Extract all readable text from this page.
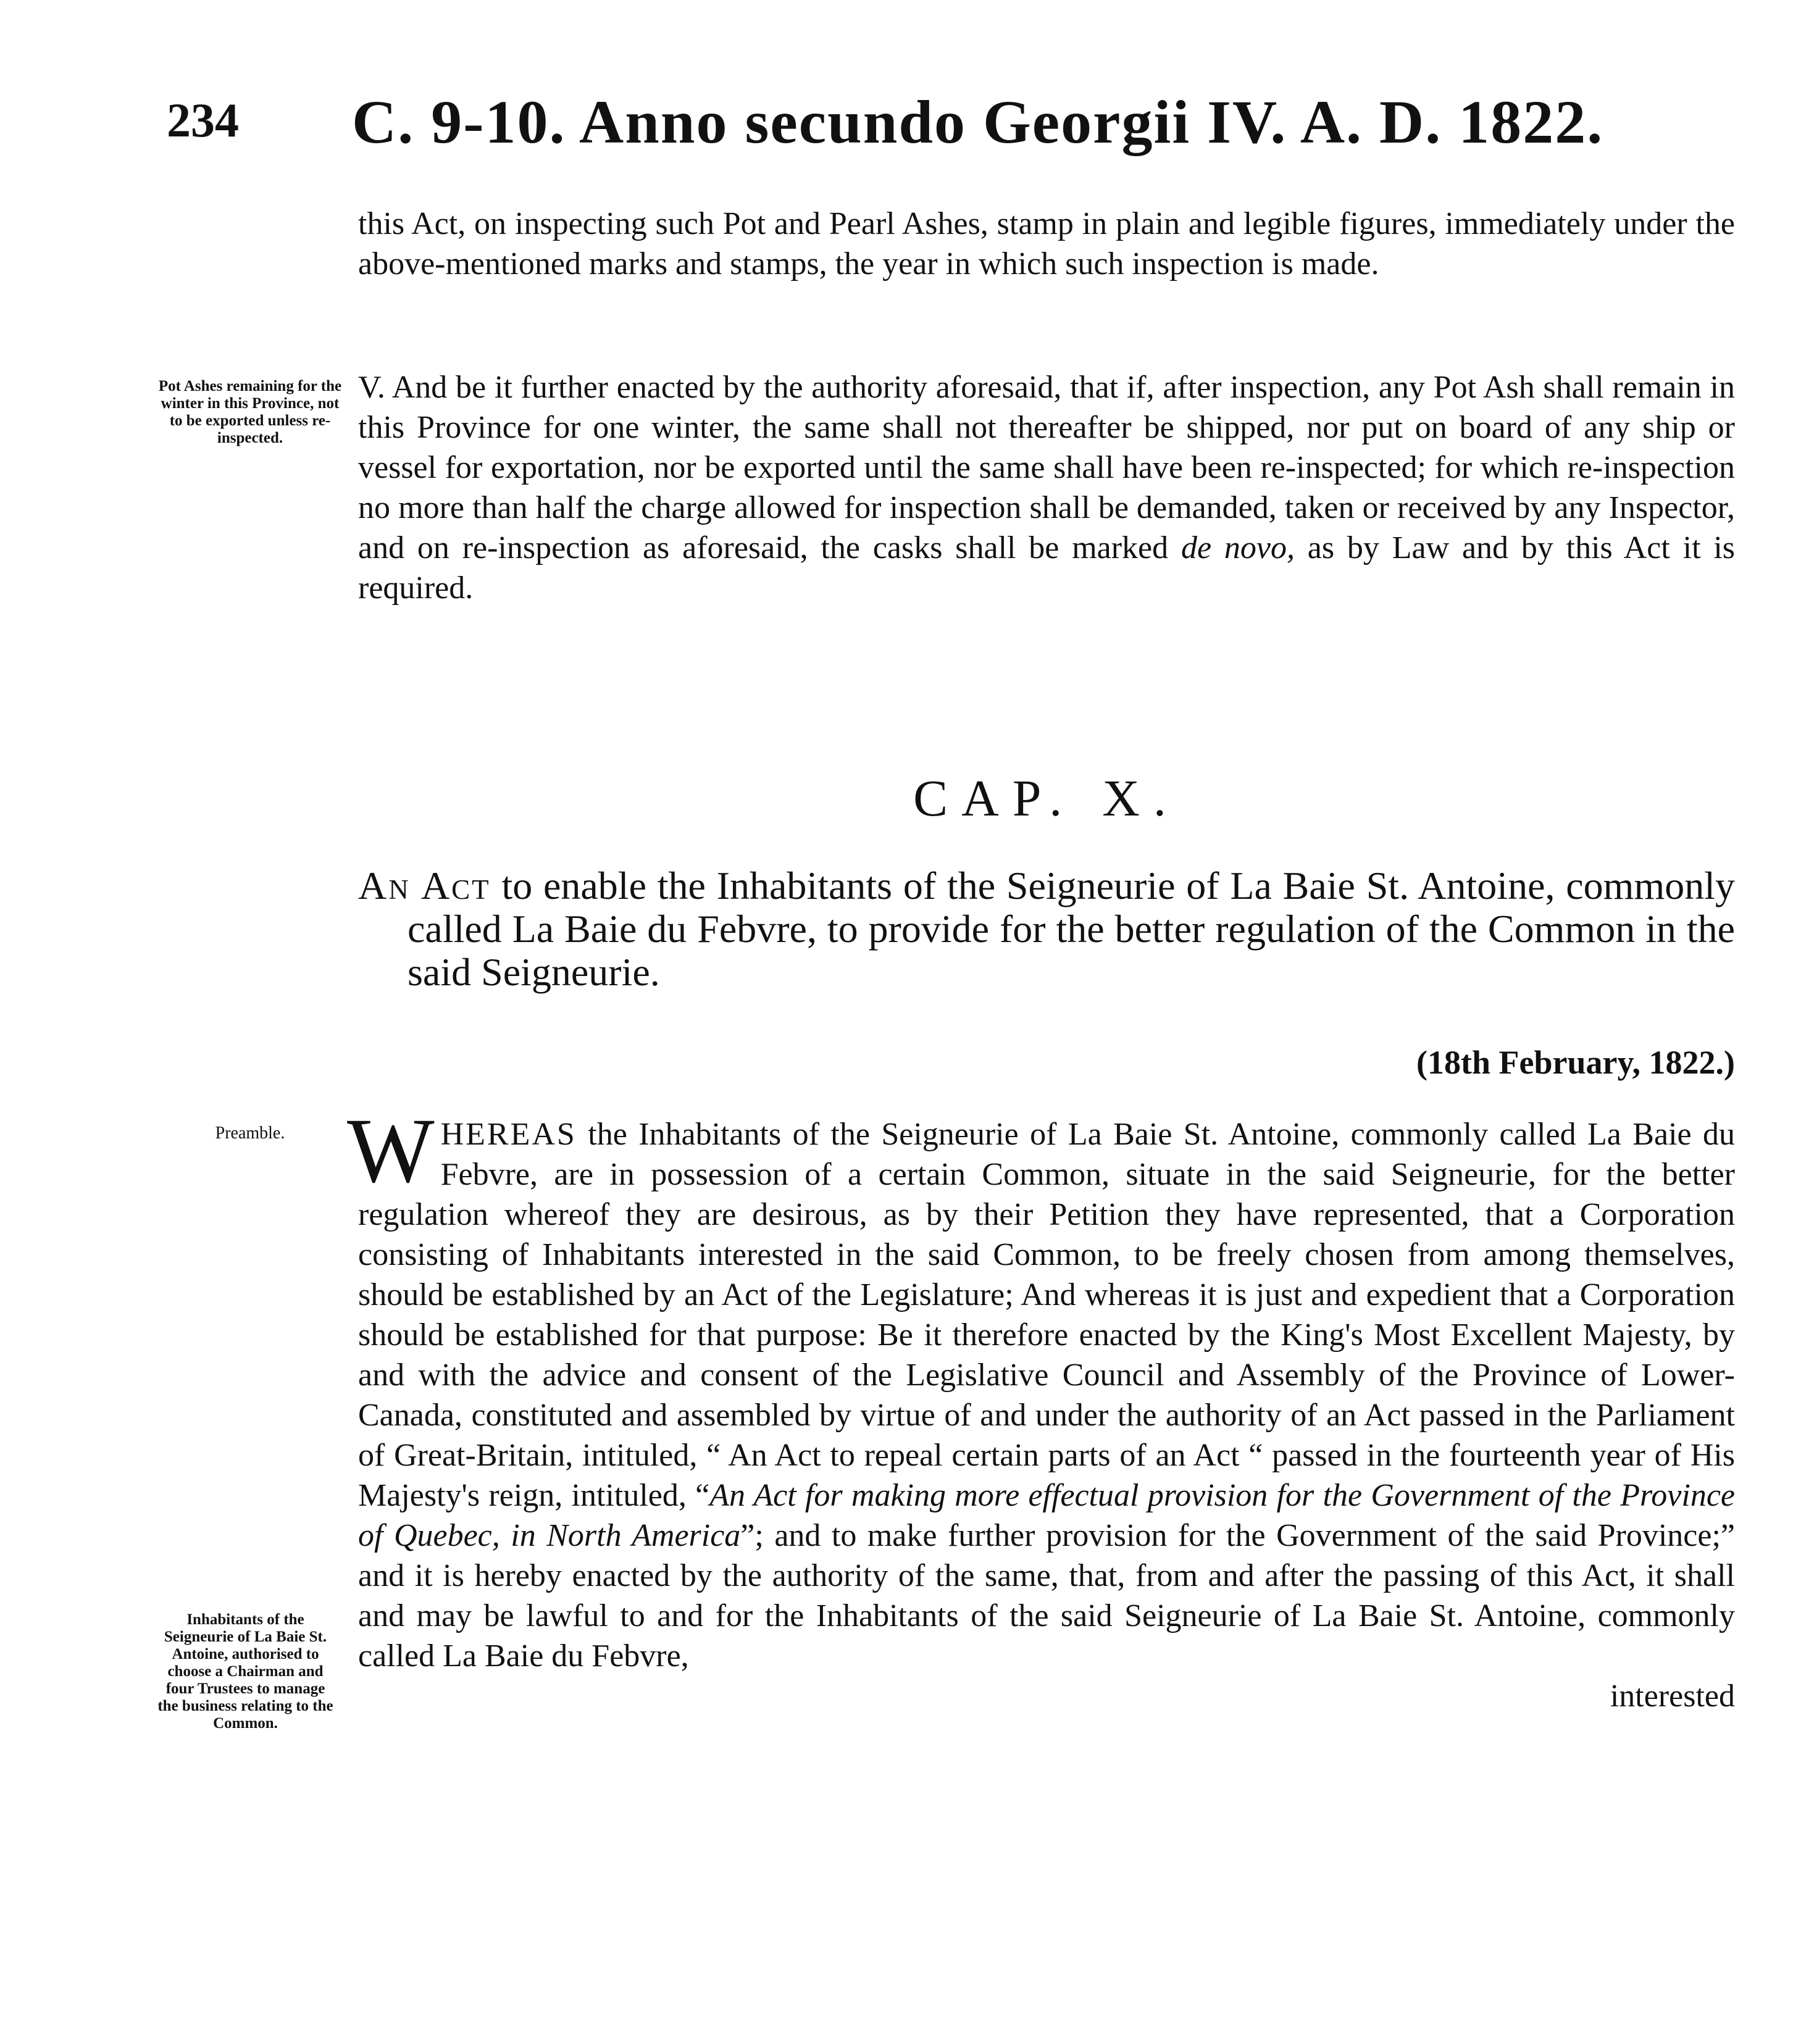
234 C. 9-10. Anno secundo Georgii IV. A. D. 1822.

this Act, on inspecting such Pot and Pearl Ashes, stamp in plain and legible figures, immediately under the above-mentioned marks and stamps, the year in which such inspection is made.

Pot Ashes remaining for the winter in this Province, not to be exported unless re-inspected.

V. And be it further enacted by the authority aforesaid, that if, after inspection, any Pot Ash shall remain in this Province for one winter, the same shall not thereafter be shipped, nor put on board of any ship or vessel for exportation, nor be exported until the same shall have been re-inspected; for which re-inspection no more than half the charge allowed for inspection shall be demanded, taken or received by any Inspector, and on re-inspection as aforesaid, the casks shall be marked de novo, as by Law and by this Act it is required.

CAP. X.
An Act to enable the Inhabitants of the Seigneurie of La Baie St. Antoine, commonly called La Baie du Febvre, to provide for the better regulation of the Common in the said Seigneurie.
(18th February, 1822.)
Preamble. WHEREAS the Inhabitants of the Seigneurie of La Baie St. Antoine, commonly called La Baie du Febvre, are in possession of a certain Common, situate in the said Seigneurie, for the better regulation whereof they are desirous, as by their Petition they have represented, that a Corporation consisting of Inhabitants interested in the said Common, to be freely chosen from among themselves, should be established by an Act of the Legislature; And whereas it is just and expedient that a Corporation should be established for that purpose: Be it therefore enacted by the King's Most Excellent Majesty, by and with the advice and consent of the Legislative Council and Assembly of the Province of Lower-Canada, constituted and assembled by virtue of and under the authority of an Act passed in the Parliament of Great-Britain, intituled, “ An Act to repeal certain parts of an Act “ passed in the fourteenth year of His Majesty's reign, intituled, “An Act for making more effectual provision for the Government of the Province of Quebec, in North America”; and to make further provision for the Government of the said Province;” and it is hereby enacted by the authority of the same, that, from and after the passing of this Act, it shall and may be lawful to and for the Inhabitants of the said Seigneurie of La Baie St. Antoine, commonly called La Baie du Febvre,
interested
Inhabitants of the Seigneurie of La Baie St. Antoine, authorised to choose a Chairman and four Trustees to manage the business relating to the Common.
